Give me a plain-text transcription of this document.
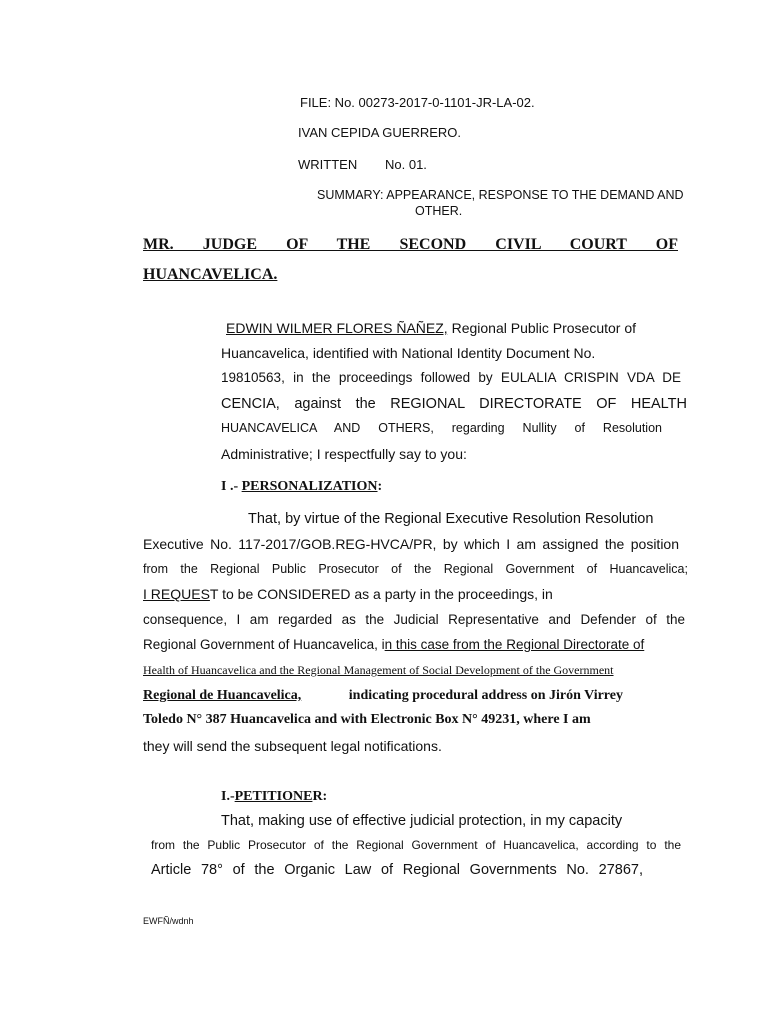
FILE: No. 00273-2017-0-1101-JR-LA-02.
IVAN CEPIDA GUERRERO.
WRITTEN No. 01.
SUMMARY: APPEARANCE, RESPONSE TO THE DEMAND AND
OTHER.
MR. JUDGE OF THE SECOND CIVIL COURT OF
HUANCAVELICA.
EDWIN WILMER FLORES ÑAÑEZ, Regional Public Prosecutor of
Huancavelica, identified with National Identity Document No.
19810563, in the proceedings followed by EULALIA CRISPIN VDA DE
CENCIA, against the REGIONAL DIRECTORATE OF HEALTH
HUANCAVELICA AND OTHERS, regarding Nullity of Resolution
Administrative; I respectfully say to you:
I .- PERSONALIZATION:
That, by virtue of the Regional Executive Resolution Resolution
Executive No. 117-2017/GOB.REG-HVCA/PR, by which I am assigned the position
from the Regional Public Prosecutor of the Regional Government of Huancavelica;
I REQUEST to be CONSIDERED as a party in the proceedings, in
consequence, I am regarded as the Judicial Representative and Defender of the
Regional Government of Huancavelica, in this case from the Regional Directorate of
Health of Huancavelica and the Regional Management of Social Development of the Government
Regional de Huancavelica,	indicating procedural address on Jirón Virrey
Toledo N° 387 Huancavelica and with Electronic Box N° 49231, where I am
they will send the subsequent legal notifications.
I.-PETITIONER:
That, making use of effective judicial protection, in my capacity
from the Public Prosecutor of the Regional Government of Huancavelica, according to the
Article 78° of the Organic Law of Regional Governments No. 27867,
EWFÑ/wdnh
